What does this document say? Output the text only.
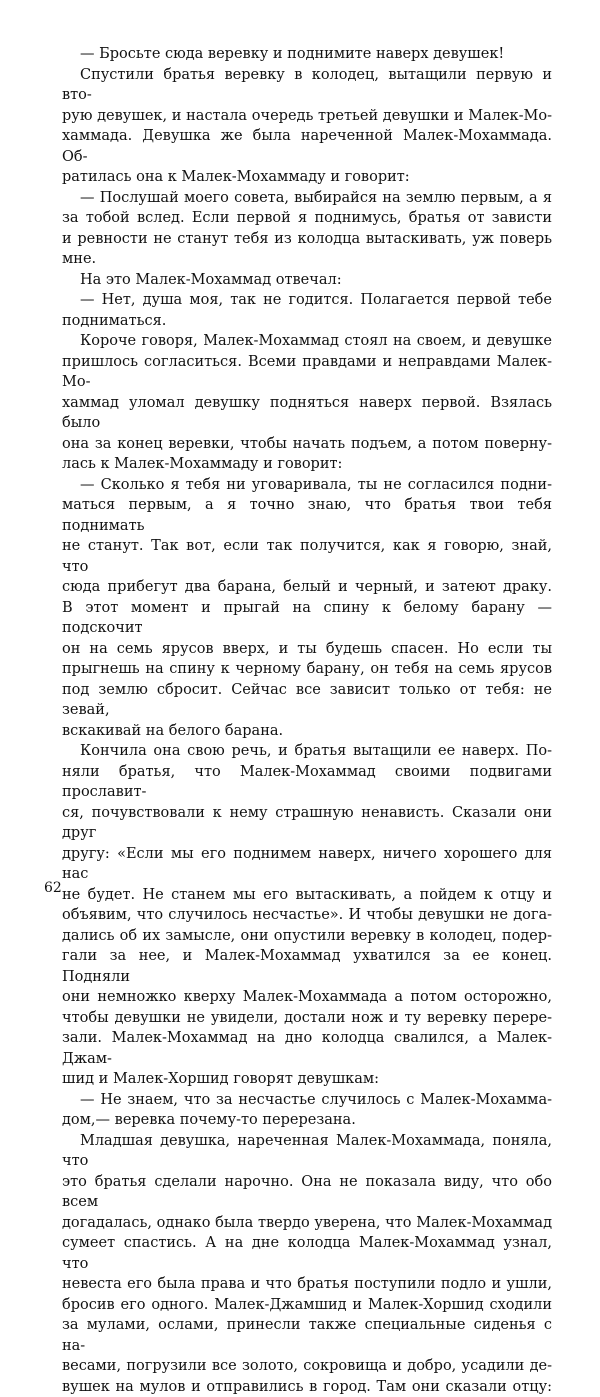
— Бросьте сюда веревку и поднимите наверх девушек!

Спустили братья веревку в колодец, вытащили первую и вто-

рую девушек, и настала очередь третьей девушки и Малек-Мо-

хаммада. Девушка же была нареченной Малек-Мохаммада. Об-

ратилась она к Малек-Мохаммаду и говорит:

— Послушай моего совета, выбирайся на землю первым, а я

за тобой вслед. Если первой я поднимусь, братья от зависти

и ревности не станут тебя из колодца вытаскивать, уж поверь

мне.

На это Малек-Мохаммад отвечал:

— Нет, душа моя, так не годится. Полагается первой тебе

подниматься.

Короче говоря, Малек-Мохаммад стоял на своем, и девушке

пришлось согласиться. Всеми правдами и неправдами Малек-Мо-

хаммад уломал девушку подняться наверх первой. Взялась было

она за конец веревки, чтобы начать подъем, а потом поверну-

лась к Малек-Мохаммаду и говорит:

— Сколько я тебя ни уговаривала, ты не согласился подни-

маться первым, а я точно знаю, что братья твои тебя поднимать

не станут. Так вот, если так получится, как я говорю, знай, что

сюда прибегут два барана, белый и черный, и затеют драку.

В этот момент и прыгай на спину к белому барану — подскочит

он на семь ярусов вверх, и ты будешь спасен. Но если ты

прыгнешь на спину к черному барану, он тебя на семь ярусов

под землю сбросит. Сейчас все зависит только от тебя: не зевай,

вскакивай на белого барана.

Кончила она свою речь, и братья вытащили ее наверх. По-

няли братья, что Малек-Мохаммад своими подвигами прославит-

ся, почувствовали к нему страшную ненависть. Сказали они друг

другу: «Если мы его поднимем наверх, ничего хорошего для нас

не будет. Не станем мы его вытаскивать, а пойдем к отцу и

объявим, что случилось несчастье». И чтобы девушки не дога-

дались об их замысле, они опустили веревку в колодец, подер-

гали за нее, и Малек-Мохаммад ухватился за ее конец. Подняли

они немножко кверху Малек-Мохаммада а потом осторожно,

чтобы девушки не увидели, достали нож и ту веревку перере-

зали. Малек-Мохаммад на дно колодца свалился, а Малек-Джам-

шид и Малек-Хоршид говорят девушкам:

— Не знаем, что за несчастье случилось с Малек-Мохамма-

дом,— веревка почему-то перерезана.

Младшая девушка, нареченная Малек-Мохаммада, поняла, что

это братья сделали нарочно. Она не показала виду, что обо всем

догадалась, однако была твердо уверена, что Малек-Мохаммад

сумеет спастись. А на дне колодца Малек-Мохаммад узнал, что

невеста его была права и что братья поступили подло и ушли,

бросив его одного. Малек-Джамшид и Малек-Хоршид сходили

за мулами, ослами, принесли также специальные сиденья с на-

весами, погрузили все золото, сокровища и добро, усадили де-

вушек на мулов и отправились в город. Там они сказали отцу:

62
